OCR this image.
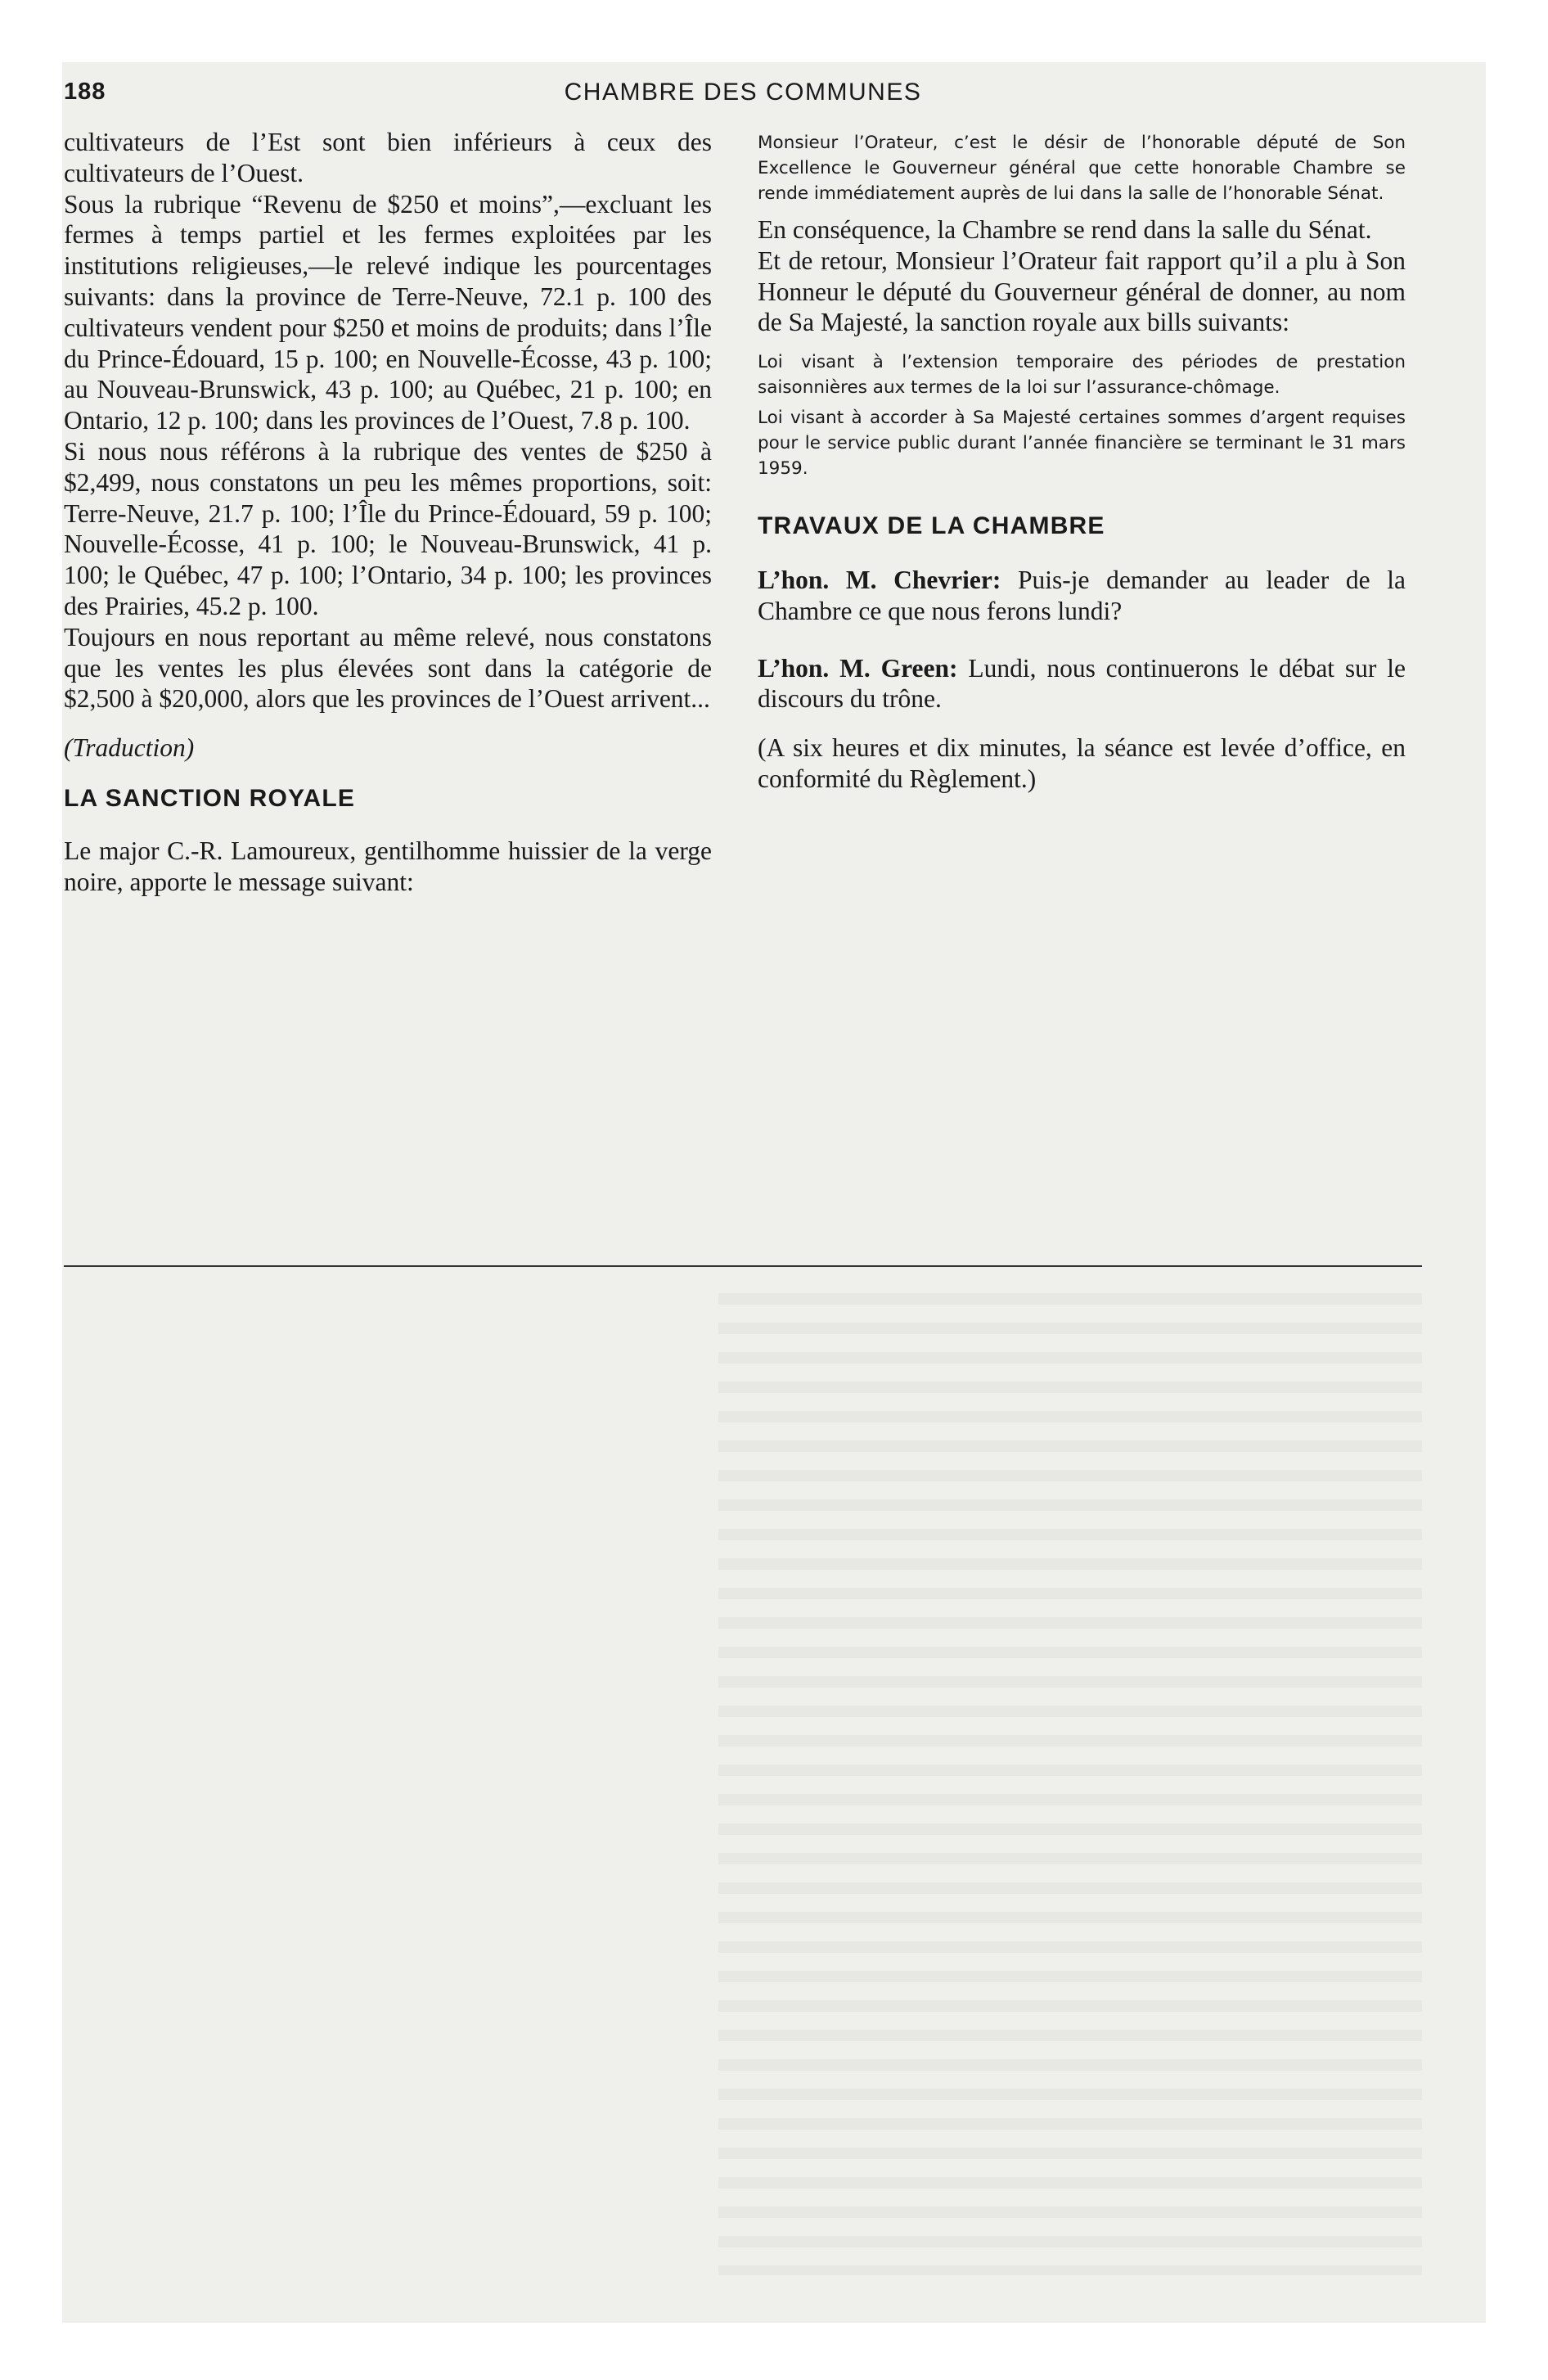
188	CHAMBRE DES COMMUNES

cultivateurs de l’Est sont bien inférieurs à ceux des cultivateurs de l’Ouest.

Sous la rubrique “Revenu de $250 et moins”,—excluant les fermes à temps partiel et les fermes exploitées par les institutions religieuses,—le relevé indique les pourcentages suivants: dans la province de Terre-Neuve, 72.1 p. 100 des cultivateurs vendent pour $250 et moins de produits; dans l’Île du Prince-Édouard, 15 p. 100; en Nouvelle-Écosse, 43 p. 100; au Nouveau-Brunswick, 43 p. 100; au Québec, 21 p. 100; en Ontario, 12 p. 100; dans les provinces de l’Ouest, 7.8 p. 100.

Si nous nous référons à la rubrique des ventes de $250 à $2,499, nous constatons un peu les mêmes proportions, soit: Terre-Neuve, 21.7 p. 100; l’Île du Prince-Édouard, 59 p. 100; Nouvelle-Écosse, 41 p. 100; le Nouveau-Brunswick, 41 p. 100; le Québec, 47 p. 100; l’Ontario, 34 p. 100; les provinces des Prairies, 45.2 p. 100.

Toujours en nous reportant au même relevé, nous constatons que les ventes les plus élevées sont dans la catégorie de $2,500 à $20,000, alors que les provinces de l’Ouest arrivent...

(Traduction)

LA SANCTION ROYALE

Le major C.-R. Lamoureux, gentilhomme huissier de la verge noire, apporte le message suivant:

Monsieur l’Orateur, c’est le désir de l’honorable député de Son Excellence le Gouverneur général que cette honorable Chambre se rende immédiatement auprès de lui dans la salle de l’honorable Sénat.

En conséquence, la Chambre se rend dans la salle du Sénat.

Et de retour, Monsieur l’Orateur fait rapport qu’il a plu à Son Honneur le député du Gouverneur général de donner, au nom de Sa Majesté, la sanction royale aux bills suivants:

Loi visant à l’extension temporaire des périodes de prestation saisonnières aux termes de la loi sur l’assurance-chômage.

Loi visant à accorder à Sa Majesté certaines sommes d’argent requises pour le service public durant l’année financière se terminant le 31 mars 1959.

TRAVAUX DE LA CHAMBRE

L’hon. M. Chevrier: Puis-je demander au leader de la Chambre ce que nous ferons lundi?

L’hon. M. Green: Lundi, nous continuerons le débat sur le discours du trône.

(A six heures et dix minutes, la séance est levée d’office, en conformité du Règlement.)
